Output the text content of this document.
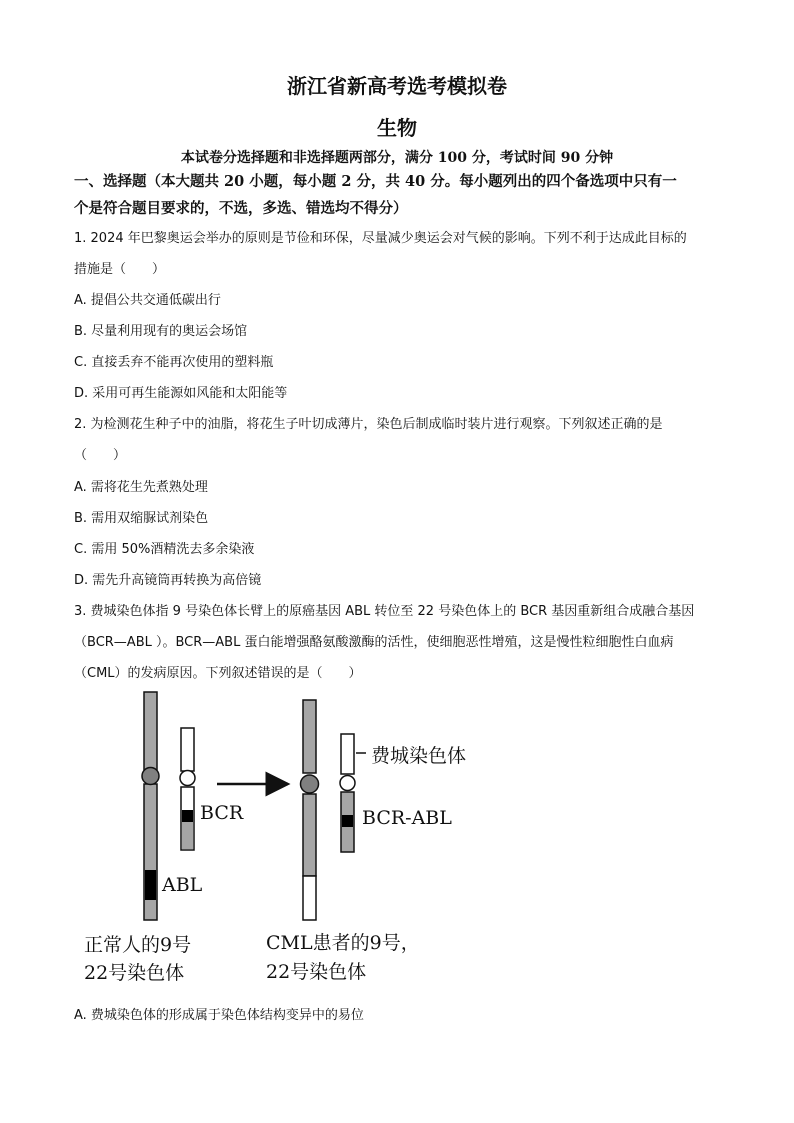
浙江省新高考选考模拟卷
生物
本试卷分选择题和非选择题两部分，满分 100 分，考试时间 90 分钟
一、选择题（本大题共 20 小题，每小题 2 分，共 40 分。每小题列出的四个备选项中只有一
个是符合题目要求的，不选，多选、错选均不得分）
1. 2024 年巴黎奥运会举办的原则是节俭和环保，尽量减少奥运会对气候的影响。下列不利于达成此目标的
措施是（　　）
A. 提倡公共交通低碳出行
B. 尽量利用现有的奥运会场馆
C. 直接丢弃不能再次使用的塑料瓶
D. 采用可再生能源如风能和太阳能等
2. 为检测花生种子中的油脂，将花生子叶切成薄片，染色后制成临时装片进行观察。下列叙述正确的是
（　　）
A. 需将花生先煮熟处理
B. 需用双缩脲试剂染色
C. 需用 50%酒精洗去多余染液
D. 需先升高镜筒再转换为高倍镜
3. 费城染色体指 9 号染色体长臂上的原癌基因 ABL 转位至 22 号染色体上的 BCR 基因重新组合成融合基因
（BCR—ABL ）。BCR—ABL 蛋白能增强酪氨酸激酶的活性，使细胞恶性增殖，这是慢性粒细胞性白血病
（CML）的发病原因。下列叙述错误的是（　　）
BCR
ABL
BCR-ABL
费城染色体
正常人的9号
22号染色体
CML患者的9号，
22号染色体
A. 费城染色体的形成属于染色体结构变异中的易位
